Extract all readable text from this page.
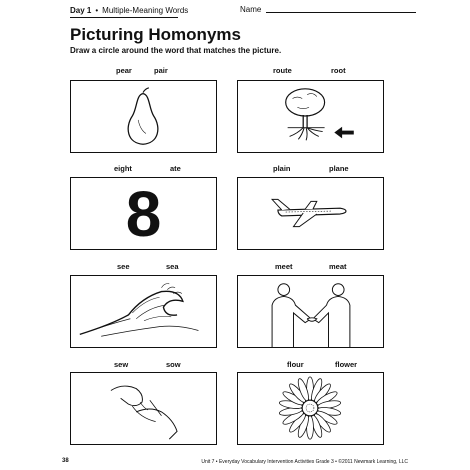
Day 1 • Multiple-Meaning Words	Name
Picturing Homonyms
Draw a circle around the word that matches the picture.
pear	pair	route	root
eight	ate
8
plain	plane
see	sea	meet	meat
sew	sow	flour	flower
38	Unit 7 • Everyday Vocabulary Intervention Activities Grade 3 • ©2011 Newmark Learning, LLC
